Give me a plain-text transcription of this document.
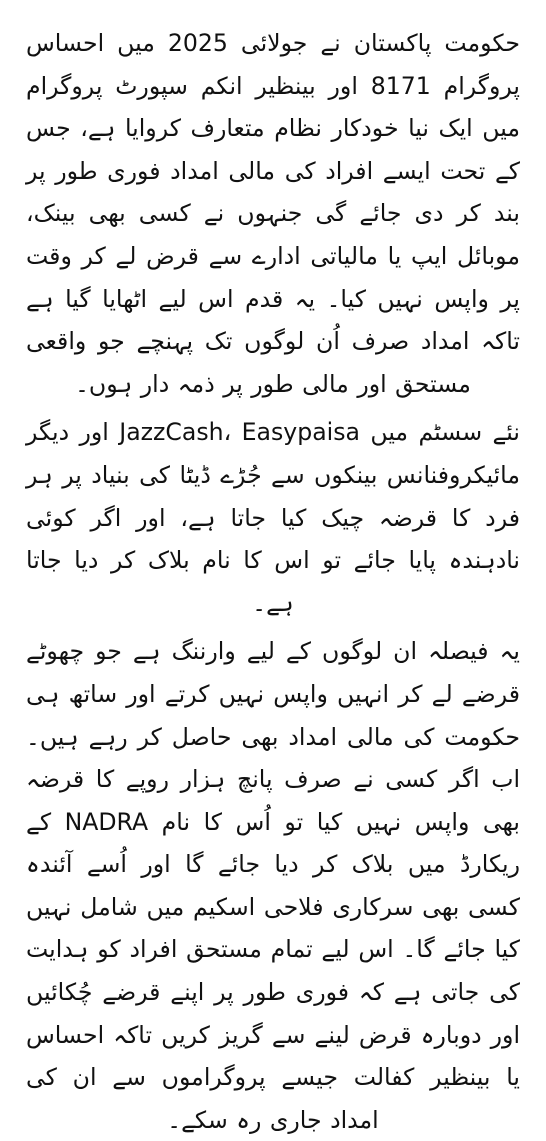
حکومت پاکستان نے جولائی 2025 میں احساس پروگرام 8171 اور بینظیر انکم سپورٹ پروگرام میں ایک نیا خودکار نظام متعارف کروایا ہے، جس کے تحت ایسے افراد کی مالی امداد فوری طور پر بند کر دی جائے گی جنہوں نے کسی بھی بینک، موبائل ایپ یا مالیاتی ادارے سے قرض لے کر وقت پر واپس نہیں کیا۔ یہ قدم اس لیے اٹھایا گیا ہے تاکہ امداد صرف اُن لوگوں تک پہنچے جو واقعی مستحق اور مالی طور پر ذمہ دار ہوں۔

نئے سسٹم میں JazzCash، Easypaisa اور دیگر مائیکروفنانس بینکوں سے جُڑے ڈیٹا کی بنیاد پر ہر فرد کا قرضہ چیک کیا جاتا ہے، اور اگر کوئی نادہندہ پایا جائے تو اس کا نام بلاک کر دیا جاتا ہے۔

یہ فیصلہ ان لوگوں کے لیے وارننگ ہے جو چھوٹے قرضے لے کر انہیں واپس نہیں کرتے اور ساتھ ہی حکومت کی مالی امداد بھی حاصل کر رہے ہیں۔ اب اگر کسی نے صرف پانچ ہزار روپے کا قرضہ بھی واپس نہیں کیا تو اُس کا نام NADRA کے ریکارڈ میں بلاک کر دیا جائے گا اور اُسے آئندہ کسی بھی سرکاری فلاحی اسکیم میں شامل نہیں کیا جائے گا۔ اس لیے تمام مستحق افراد کو ہدایت کی جاتی ہے کہ فوری طور پر اپنے قرضے چُکائیں اور دوبارہ قرض لینے سے گریز کریں تاکہ احساس یا بینظیر کفالت جیسے پروگراموں سے ان کی امداد جاری رہ سکے۔
